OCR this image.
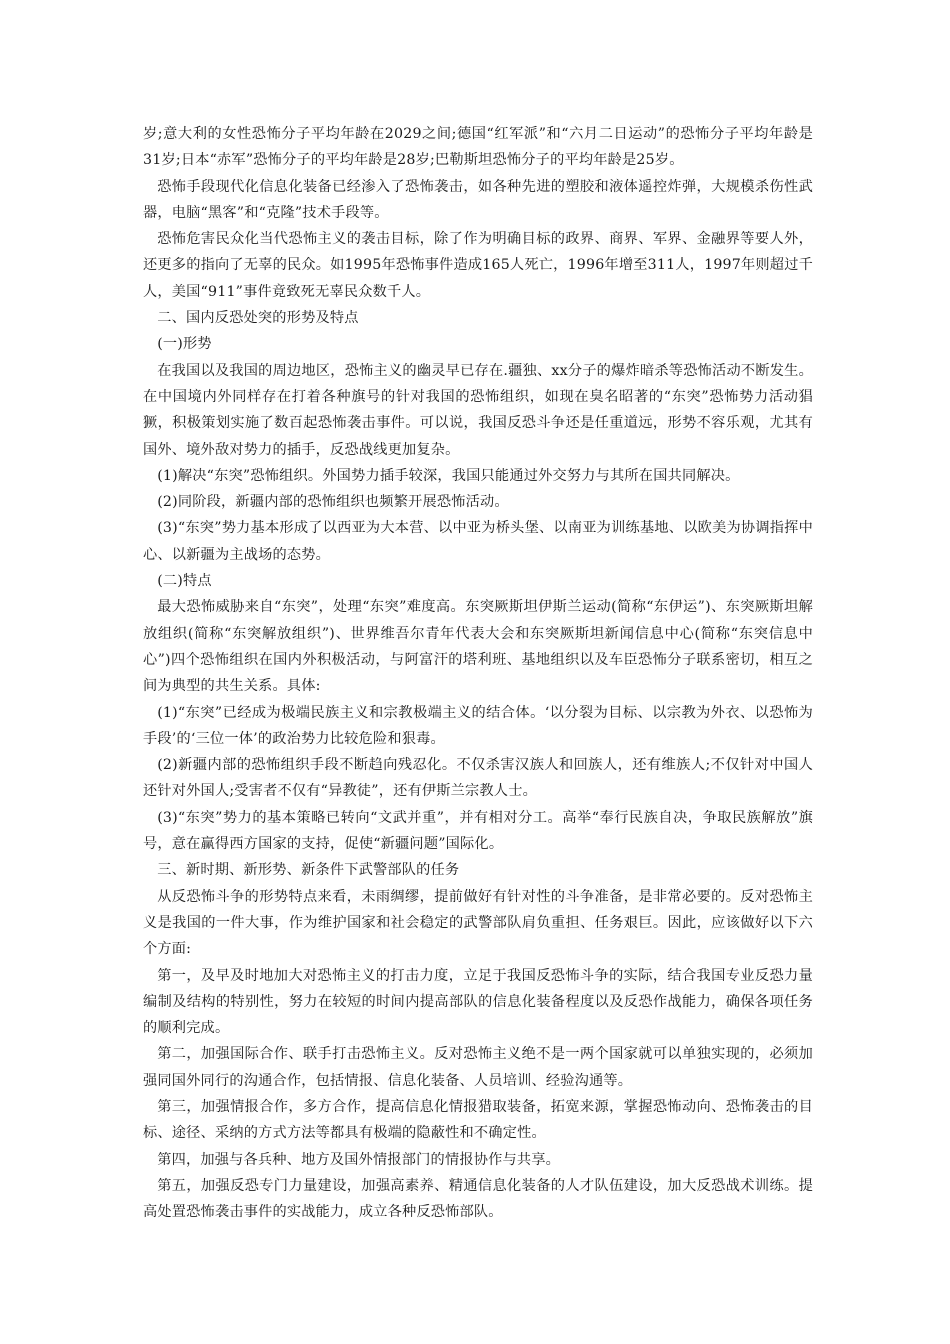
岁;意大利的女性恐怖分子平均年龄在2029之间;德国“红军派”和“六月二日运动”的恐怖分子平均年龄是31岁;日本“赤军”恐怖分子的平均年龄是28岁;巴勒斯坦恐怖分子的平均年龄是25岁。

恐怖手段现代化信息化装备已经渗入了恐怖袭击，如各种先进的塑胶和液体遥控炸弹，大规模杀伤性武器，电脑“黑客”和“克隆”技术手段等。

恐怖危害民众化当代恐怖主义的袭击目标，除了作为明确目标的政界、商界、军界、金融界等要人外，还更多的指向了无辜的民众。如1995年恐怖事件造成165人死亡，1996年增至311人，1997年则超过千人，美国“911”事件竟致死无辜民众数千人。

二、国内反恐处突的形势及特点

(一)形势

在我国以及我国的周边地区，恐怖主义的幽灵早已存在.疆独、xx分子的爆炸暗杀等恐怖活动不断发生。在中国境内外同样存在打着各种旗号的针对我国的恐怖组织，如现在臭名昭著的“东突”恐怖势力活动猖獗，积极策划实施了数百起恐怖袭击事件。可以说，我国反恐斗争还是任重道远，形势不容乐观，尤其有国外、境外敌对势力的插手，反恐战线更加复杂。

(1)解决“东突”恐怖组织。外国势力插手较深，我国只能通过外交努力与其所在国共同解决。

(2)同阶段，新疆内部的恐怖组织也频繁开展恐怖活动。

(3)“东突”势力基本形成了以西亚为大本营、以中亚为桥头堡、以南亚为训练基地、以欧美为协调指挥中心、以新疆为主战场的态势。

(二)特点

最大恐怖威胁来自“东突”，处理“东突”难度高。东突厥斯坦伊斯兰运动(简称“东伊运”)、东突厥斯坦解放组织(简称“东突解放组织”)、世界维吾尔青年代表大会和东突厥斯坦新闻信息中心(简称“东突信息中心”)四个恐怖组织在国内外积极活动，与阿富汗的塔利班、基地组织以及车臣恐怖分子联系密切，相互之间为典型的共生关系。具体:

(1)“东突”已经成为极端民族主义和宗教极端主义的结合体。‘以分裂为目标、以宗教为外衣、以恐怖为手段’的‘三位一体’的政治势力比较危险和狠毒。

(2)新疆内部的恐怖组织手段不断趋向残忍化。不仅杀害汉族人和回族人，还有维族人;不仅针对中国人还针对外国人;受害者不仅有“异教徒”，还有伊斯兰宗教人士。

(3)“东突”势力的基本策略已转向“文武并重”，并有相对分工。高举“奉行民族自决，争取民族解放”旗号，意在赢得西方国家的支持，促使“新疆问题”国际化。

三、新时期、新形势、新条件下武警部队的任务

从反恐怖斗争的形势特点来看，未雨绸缪，提前做好有针对性的斗争准备，是非常必要的。反对恐怖主义是我国的一件大事，作为维护国家和社会稳定的武警部队肩负重担、任务艰巨。因此，应该做好以下六个方面:

第一，及早及时地加大对恐怖主义的打击力度，立足于我国反恐怖斗争的实际，结合我国专业反恐力量编制及结构的特别性，努力在较短的时间内提高部队的信息化装备程度以及反恐作战能力，确保各项任务的顺利完成。

第二，加强国际合作、联手打击恐怖主义。反对恐怖主义绝不是一两个国家就可以单独实现的，必须加强同国外同行的沟通合作，包括情报、信息化装备、人员培训、经验沟通等。

第三，加强情报合作，多方合作，提高信息化情报猎取装备，拓宽来源，掌握恐怖动向、恐怖袭击的目标、途径、采纳的方式方法等都具有极端的隐蔽性和不确定性。

第四，加强与各兵种、地方及国外情报部门的情报协作与共享。

第五，加强反恐专门力量建设，加强高素养、精通信息化装备的人才队伍建设，加大反恐战术训练。提高处置恐怖袭击事件的实战能力，成立各种反恐怖部队。
